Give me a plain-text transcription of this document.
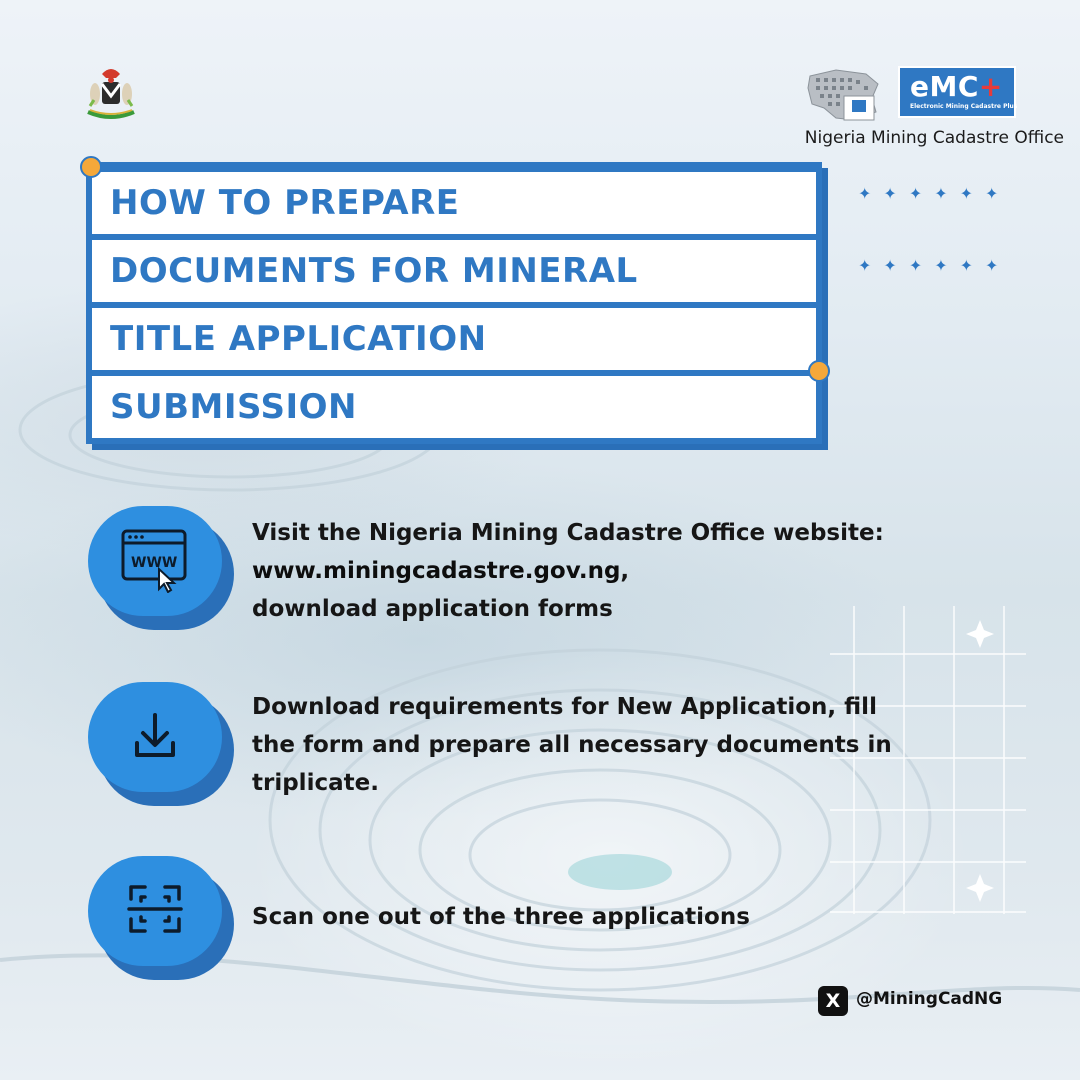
eMC+
Electronic Mining Cadastre Plus
Nigeria Mining Cadastre Office
HOW TO PREPARE
DOCUMENTS FOR MINERAL
TITLE APPLICATION
SUBMISSION
✦✦✦✦✦✦
✦✦✦✦✦✦
WWW
Visit the Nigeria Mining Cadastre Office website:
www.miningcadastre.gov.ng,
download application forms
Download requirements for New Application, fill the form and prepare all necessary documents in triplicate.
Scan one out of the three applications
X @MiningCadNG
